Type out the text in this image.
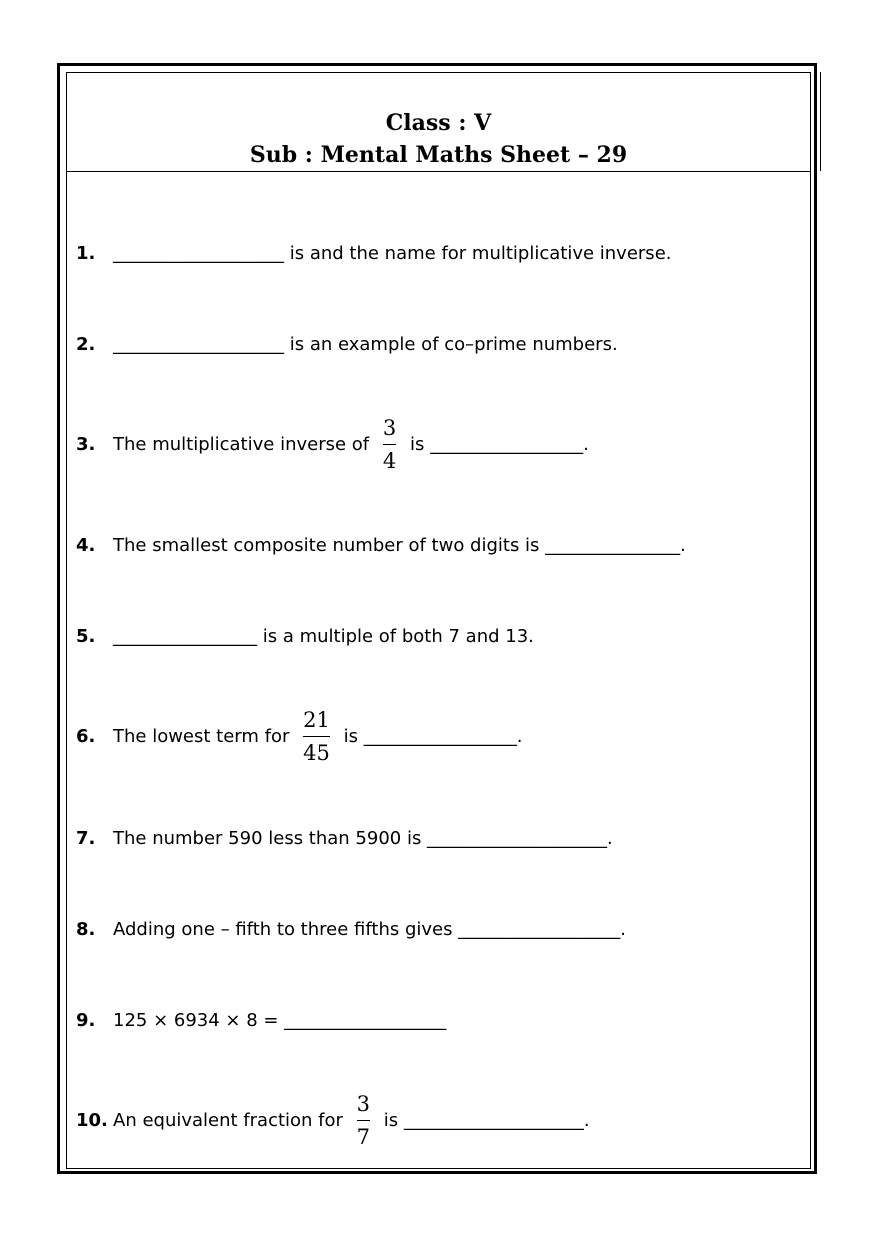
Class : V
Sub : Mental Maths Sheet – 29
1. ___________________ is and the name for multiplicative inverse.
2. ___________________ is an example of co–prime numbers.
3. The multiplicative inverse of $\frac{3}{4}$ is _________________.
4. The smallest composite number of two digits is _______________.
5. ________________ is a multiple of both 7 and 13.
6. The lowest term for $\frac{21}{45}$ is _________________.
7. The number 590 less than 5900 is ____________________.
8. Adding one – fifth to three fifths gives __________________.
9. 125 × 6934 × 8 = __________________
10. An equivalent fraction for $\frac{3}{7}$ is ____________________.
